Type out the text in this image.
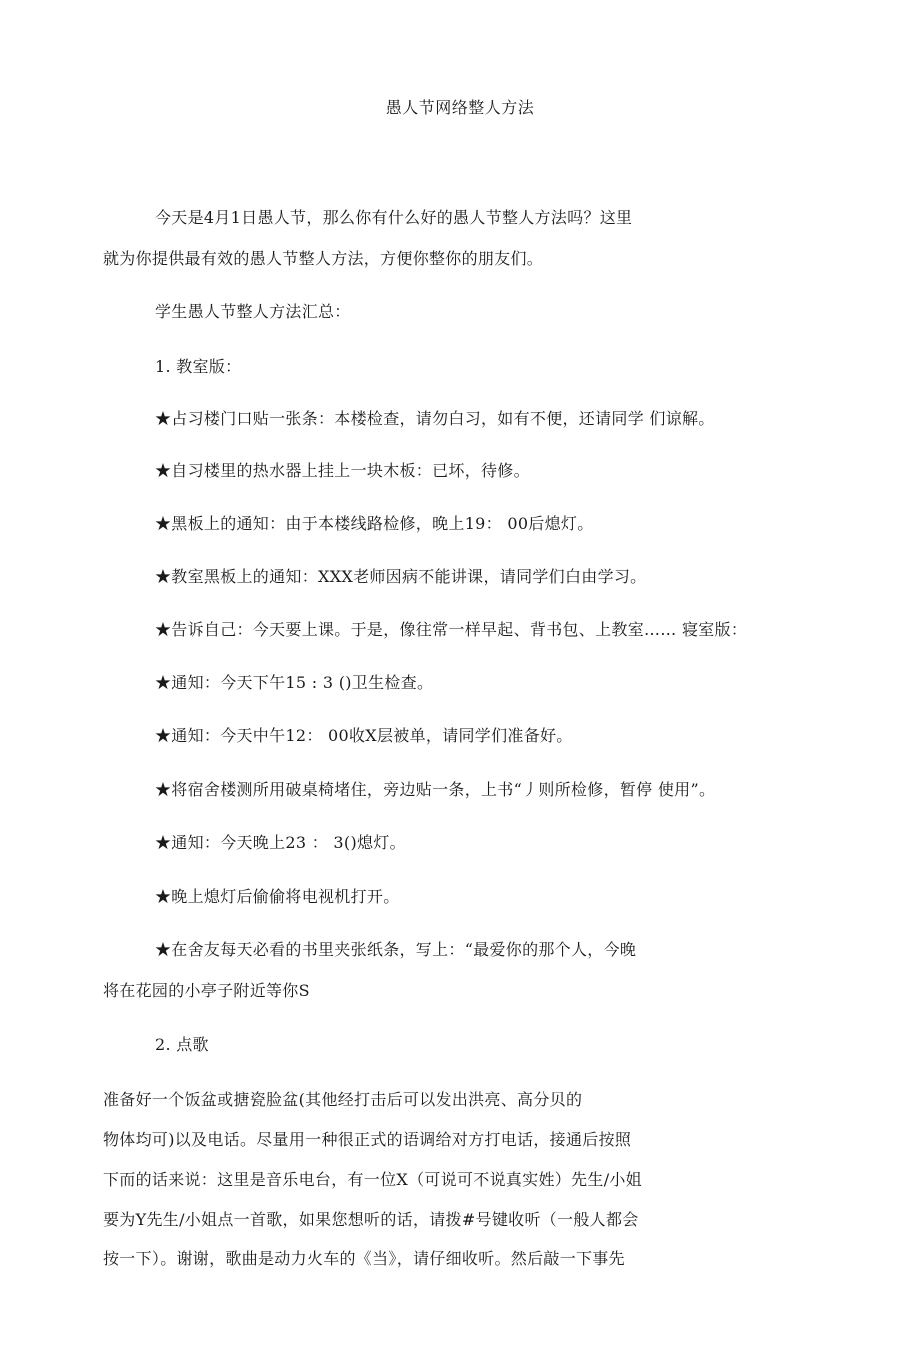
愚人节网络整人方法
今天是4月1日愚人节，那么你有什么好的愚人节整人方法吗？这里
就为你提供最有效的愚人节整人方法，方便你整你的朋友们。
学生愚人节整人方法汇总：
1. 教室版：
★占习楼门口贴一张条：本楼检查，请勿白习，如有不便，还请同学 们谅解。
★自习楼里的热水器上挂上一块木板：已坏，待修。
★黑板上的通知：由于本楼线路检修，晚上19： 00后熄灯。
★教室黑板上的通知：XXX老师因病不能讲课，请同学们白由学习。
★告诉自己：今天要上课。于是，像往常一样早起、背书包、上教室…… 寝室版：
★通知：今天下午15 : 3 ()卫生检查。
★通知：今天中午12： 00收X层被单，请同学们准备好。
★将宿舍楼测所用破桌椅堵住，旁边贴一条，上书“丿则所检修，暂停 使用”。
★通知：今天晚上23 ： 3()熄灯。
★晚上熄灯后偷偷将电视机打开。
★在舍友每天必看的书里夹张纸条，写上：“最爱你的那个人，今晚
将在花园的小亭子附近等你S
2. 点歌
准备好一个饭盆或搪瓷脸盆(其他经打击后可以发出洪亮、高分贝的
物体均可)以及电话。尽量用一种很正式的语调给对方打电话，接通后按照
下而的话来说：这里是音乐电台，有一位X（可说可不说真实姓）先生/小姐
要为Y先生/小姐点一首歌，如果您想听的话，请拨#号键收听（一般人都会
按一下）。谢谢，歌曲是动力火车的《当》，请仔细收听。然后敲一下事先
